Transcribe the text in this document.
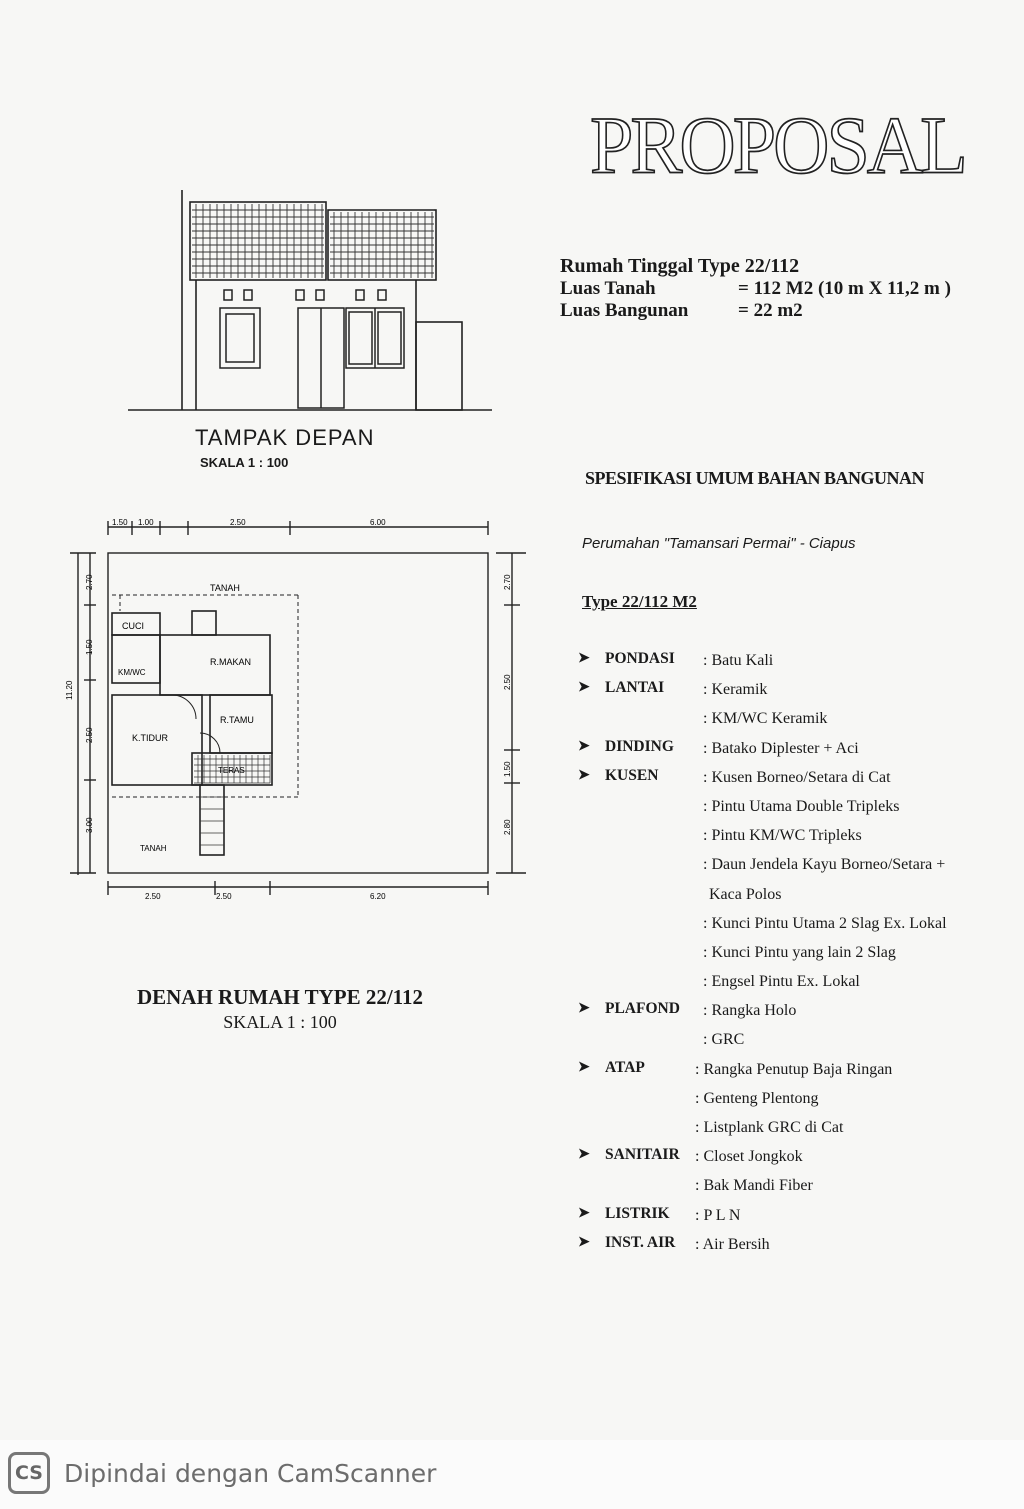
PROPOSAL
TAMPAK DEPAN
SKALA 1 : 100
TANAH
CUCI
KM/WC
R.MAKAN
R.TAMU
K.TIDUR
TERAS
TANAH
1.50 1.00	2.50	6.00
2.50	2.50	6.20
11.20
2.70
1.50
2.50
3.00
2.70
2.50
1.50
2.80
DENAH RUMAH TYPE 22/112
SKALA 1 : 100
Rumah Tinggal Type 22/112
Luas Tanah	= 112 M2 (10 m X 11,2 m )
Luas Bangunan	= 22 m2
SPESIFIKASI UMUM BAHAN BANGUNAN
Perumahan "Tamansari Permai" - Ciapus
Type 22/112 M2
➤ PONDASI	: Batu Kali
➤ LANTAI	: Keramik
: KM/WC Keramik
➤ DINDING	: Batako Diplester + Aci
➤ KUSEN	: Kusen Borneo/Setara di Cat
: Pintu Utama Double Tripleks
: Pintu KM/WC Tripleks
: Daun Jendela Kayu Borneo/Setara +
Kaca Polos
: Kunci Pintu Utama 2 Slag Ex. Lokal
: Kunci Pintu yang lain 2 Slag
: Engsel Pintu Ex. Lokal
➤ PLAFOND	: Rangka Holo
: GRC
➤ ATAP	: Rangka Penutup Baja Ringan
: Genteng Plentong
: Listplank GRC di Cat
➤ SANITAIR : Closet Jongkok
: Bak Mandi Fiber
➤ LISTRIK	: P L N
➤ INST. AIR	: Air Bersih
CS Dipindai dengan CamScanner
